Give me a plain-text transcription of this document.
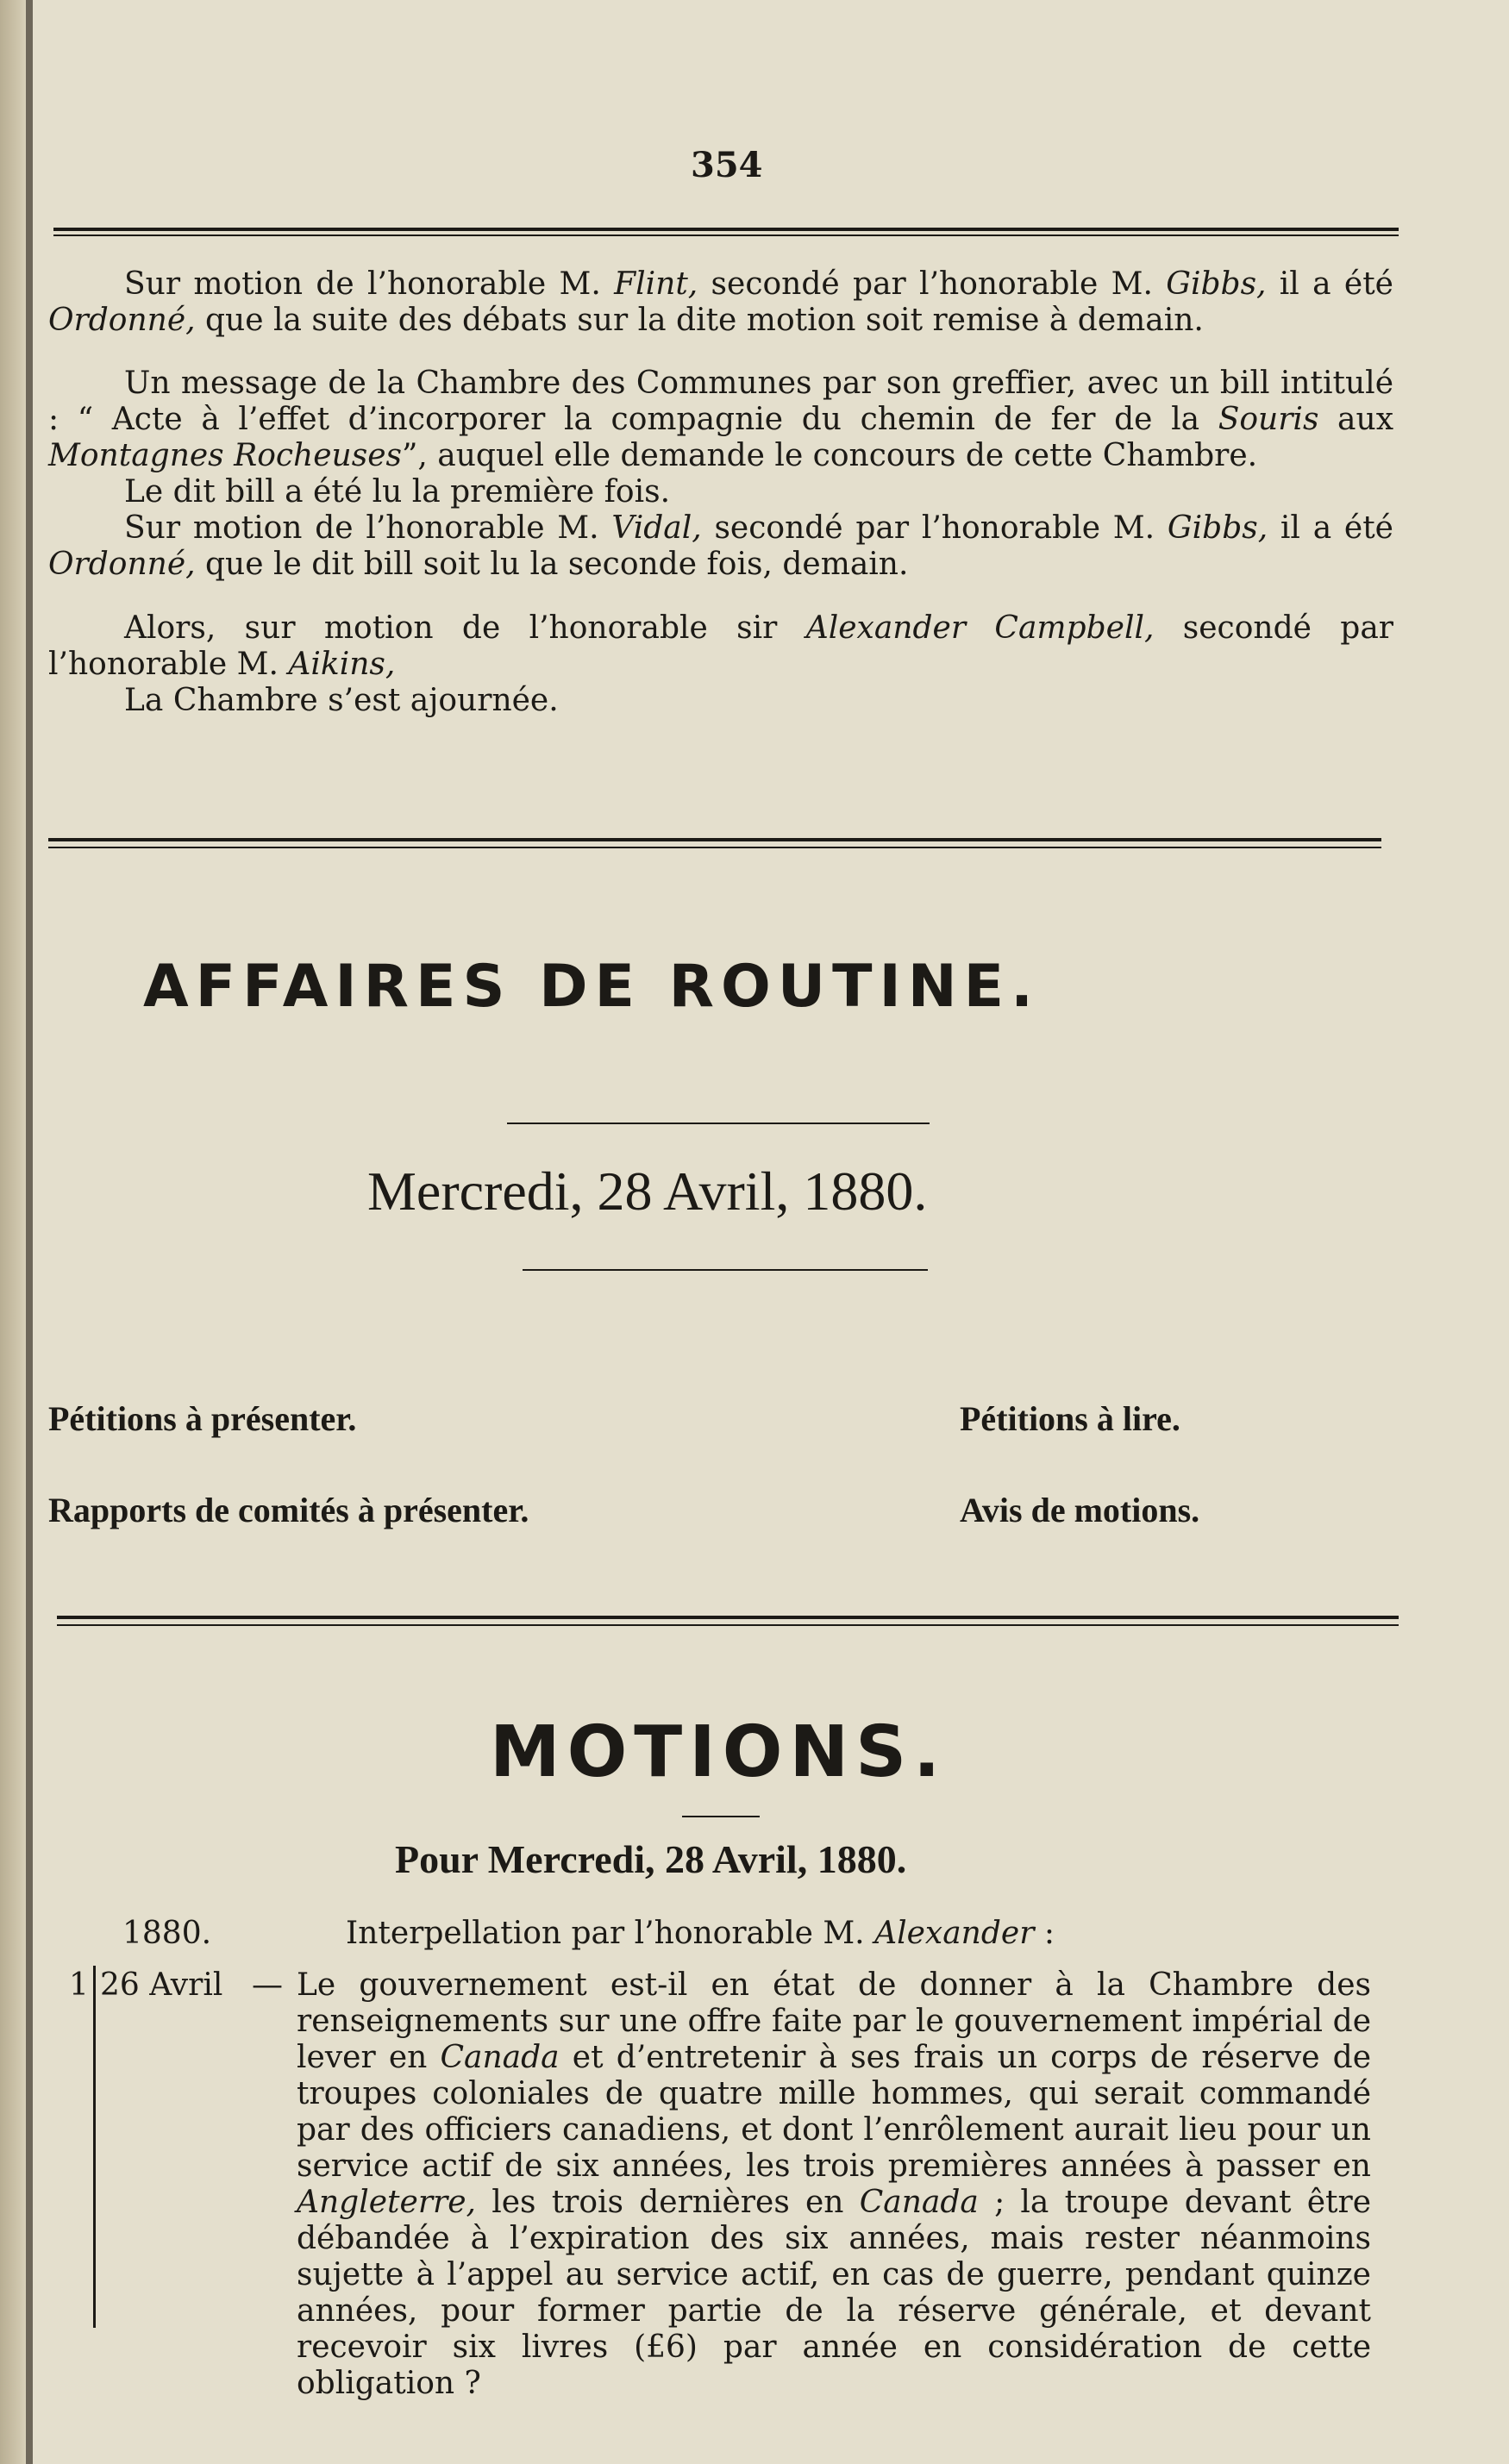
354

Sur motion de l’honorable M. Flint, secondé par l’honorable M. Gibbs, il a été Ordonné, que la suite des débats sur la dite motion soit remise à demain.

Un message de la Chambre des Communes par son greffier, avec un bill intitulé : “ Acte à l’effet d’incorporer la compagnie du chemin de fer de la Souris aux Montagnes Rocheuses”, auquel elle demande le concours de cette Chambre.

Le dit bill a été lu la première fois.

Sur motion de l’honorable M. Vidal, secondé par l’honorable M. Gibbs, il a été Ordonné, que le dit bill soit lu la seconde fois, demain.

Alors, sur motion de l’honorable sir Alexander Campbell, secondé par l’honorable M. Aikins,

La Chambre s’est ajournée.

AFFAIRES DE ROUTINE.
Mercredi, 28 Avril, 1880.
Pétitions à présenter.	Pétitions à lire.
Rapports de comités à présenter.	Avis de motions.
MOTIONS.
Pour Mercredi, 28 Avril, 1880.
1880.	Interpellation par l’honorable M. Alexander :
1 26 Avril — Le gouvernement est-il en état de donner à la Chambre des renseignements sur une offre faite par le gouvernement impérial de lever en Canada et d’entretenir à ses frais un corps de réserve de troupes coloniales de quatre mille hommes, qui serait commandé par des officiers canadiens, et dont l’enrôlement aurait lieu pour un service actif de six années, les trois premières années à passer en Angleterre, les trois dernières en Canada ; la troupe devant être débandée à l’expiration des six années, mais rester néanmoins sujette à l’appel au service actif, en cas de guerre, pendant quinze années, pour former partie de la réserve générale, et devant recevoir six livres (£6) par année en considération de cette obligation ?
